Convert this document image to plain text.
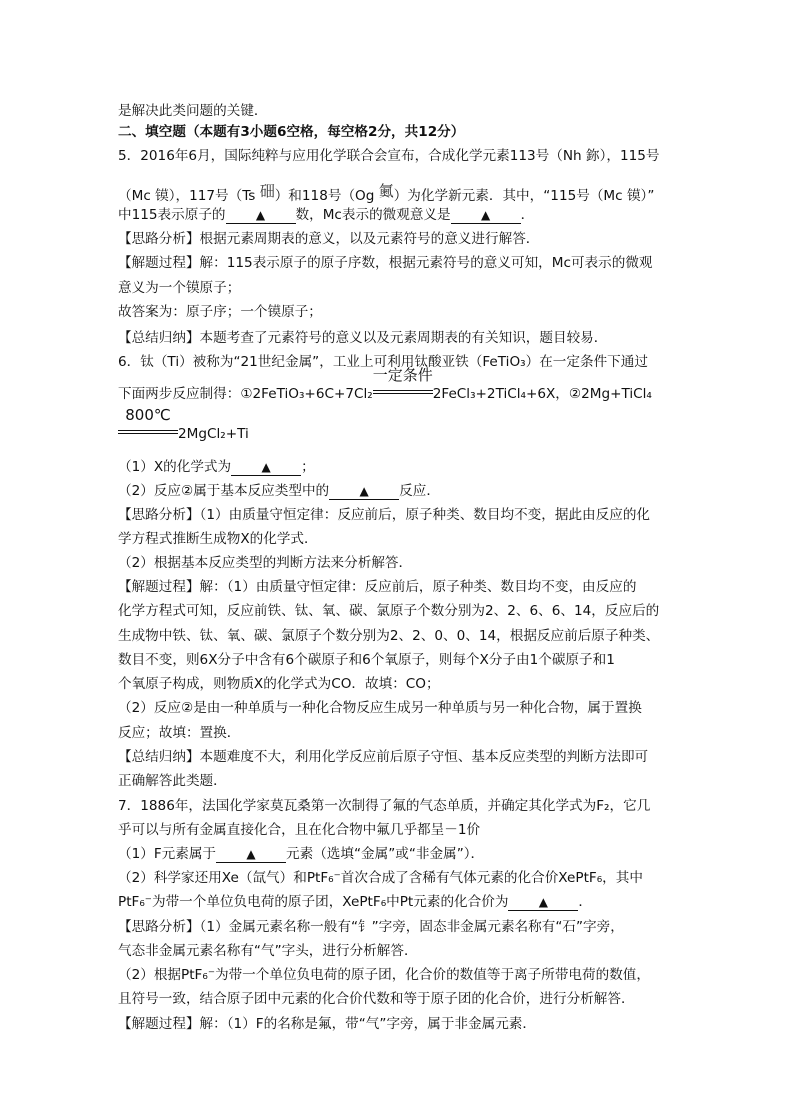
是解决此类问题的关键．
二、填空题（本题有3小题6空格，每空格2分，共12分）
5．2016年6月，国际纯粹与应用化学联合会宣布，合成化学元素113号（Nh 鉨），115号
（Mc 镆），117号（Ts 鿬）和118号（Og 鿫）为化学新元素．其中，“115号（Mc 镆）”
中115表示原子的	▲ 数，Mc表示的微观意义是	▲ ．
【思路分析】根据元素周期表的意义，以及元素符号的意义进行解答．
【解题过程】解：115表示原子的原子序数，根据元素符号的意义可知，Mc可表示的微观
意义为一个镆原子；
故答案为：原子序；一个镆原子；
【总结归纳】本题考查了元素符号的意义以及元素周期表的有关知识，题目较易．
6．钛（Ti）被称为“21世纪金属”，工业上可利用钛酸亚铁（FeTiO₃）在一定条件下通过
下面两步反应制得：①2FeTiO₃+6C+7Cl₂
一定条件
2FeCl₃+2TiCl₄+6X，②2Mg+TiCl₄
800℃
2MgCl₂+Ti
（1）X的化学式为	▲ ；
（2）反应②属于基本反应类型中的	▲ 反应．
【思路分析】（1）由质量守恒定律：反应前后，原子种类、数目均不变，据此由反应的化
学方程式推断生成物X的化学式．
（2）根据基本反应类型的判断方法来分析解答．
【解题过程】解：（1）由质量守恒定律：反应前后，原子种类、数目均不变，由反应的
化学方程式可知，反应前铁、钛、氧、碳、氯原子个数分别为2、2、6、6、14，反应后的
生成物中铁、钛、氧、碳、氯原子个数分别为2、2、0、0、14，根据反应前后原子种类、
数目不变，则6X分子中含有6个碳原子和6个氧原子，则每个X分子由1个碳原子和1
个氧原子构成，则物质X的化学式为CO．故填：CO；
（2）反应②是由一种单质与一种化合物反应生成另一种单质与另一种化合物，属于置换
反应；故填：置换．
【总结归纳】本题难度不大，利用化学反应前后原子守恒、基本反应类型的判断方法即可
正确解答此类题．
7．1886年，法国化学家莫瓦桑第一次制得了氟的气态单质，并确定其化学式为F₂，它几
乎可以与所有金属直接化合，且在化合物中氟几乎都呈－1价
（1）F元素属于	▲ 元素（选填“金属”或“非金属”）．
（2）科学家还用Xe（氙气）和PtF₆⁻首次合成了含稀有气体元素的化合价XePtF₆，其中
PtF₆⁻为带一个单位负电荷的原子团，XePtF₆中Pt元素的化合价为	▲ ．
【思路分析】（1）金属元素名称一般有“钅”字旁，固态非金属元素名称有“石”字旁，
气态非金属元素名称有“气”字头，进行分析解答．
（2）根据PtF₆⁻为带一个单位负电荷的原子团，化合价的数值等于离子所带电荷的数值，
且符号一致，结合原子团中元素的化合价代数和等于原子团的化合价，进行分析解答．
【解题过程】解：（1）F的名称是氟，带“气”字旁，属于非金属元素．
